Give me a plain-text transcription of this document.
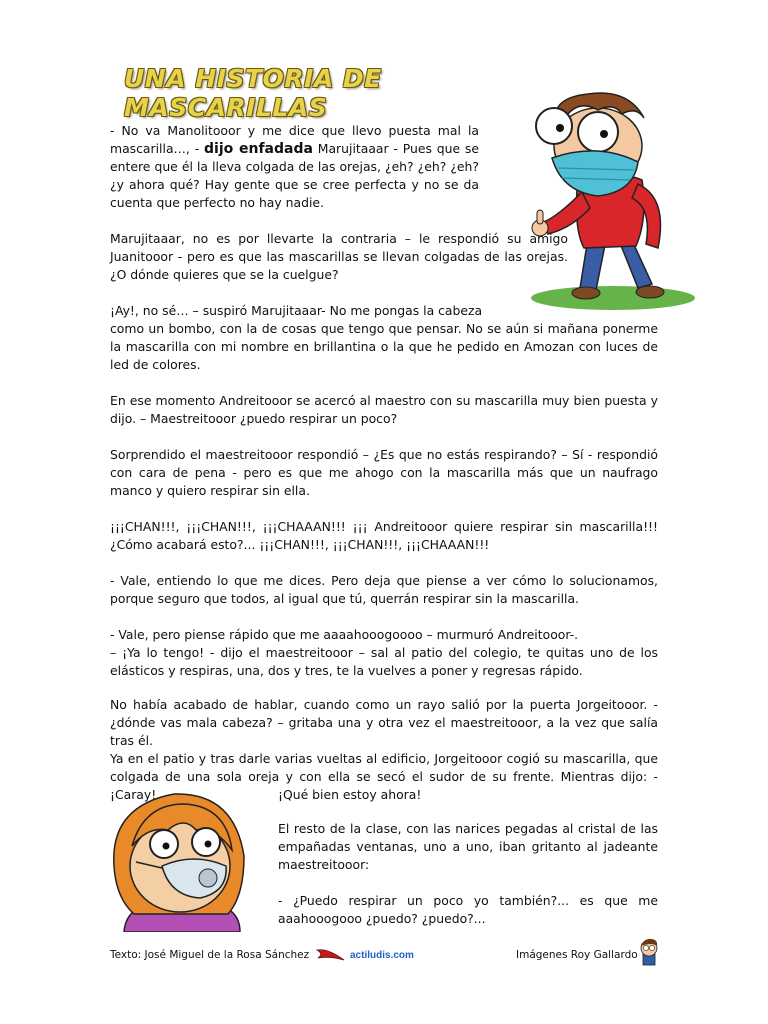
UNA HISTORIA DE MASCARILLAS

- No va Manolitooor y me dice que llevo puesta mal la mascarilla…, - dijo enfadada Marujitaaar - Pues que se entere que él la lleva colgada de las orejas, ¿eh? ¿eh? ¿eh? ¿y ahora qué? Hay gente que se cree perfecta y no se da cuenta que perfecto no hay nadie.

Marujitaaar, no es por llevarte la contraria – le respondió su amigo Juanitooor - pero es que las mascarillas se llevan colgadas de las orejas. ¿O dónde quieres que se la cuelgue?

¡Ay!, no sé… – suspiró Marujitaaar- No me pongas la cabeza

como un bombo, con la de cosas que tengo que pensar. No se aún si mañana ponerme la mascarilla con mi nombre en brillantina o la que he pedido en Amozan con luces de led de colores.

En ese momento Andreitooor se acercó al maestro con su mascarilla muy bien puesta y dijo. – Maestreitooor ¿puedo respirar un poco?

Sorprendido el maestreitooor respondió – ¿Es que no estás respirando? – Sí - respondió con cara de pena - pero es que me ahogo con la mascarilla más que un naufrago manco y quiero respirar sin ella.

¡¡¡CHAN!!!, ¡¡¡CHAN!!!, ¡¡¡CHAAAN!!! ¡¡¡ Andreitooor quiere respirar sin mascarilla!!! ¿Cómo acabará esto?... ¡¡¡CHAN!!!, ¡¡¡CHAN!!!, ¡¡¡CHAAAN!!!

- Vale, entiendo lo que me dices. Pero deja que piense a ver cómo lo solucionamos, porque seguro que todos, al igual que tú, querrán respirar sin la mascarilla.

- Vale, pero piense rápido que me aaaahooogoooo – murmuró Andreitooor-.

– ¡Ya lo tengo! - dijo el maestreitooor – sal al patio del colegio, te quitas uno de los elásticos y respiras, una, dos y tres, te la vuelves a poner y regresas rápido.

No había acabado de hablar, cuando como un rayo salió por la puerta Jorgeitooor. - ¿dónde vas mala cabeza? – gritaba una y otra vez el maestreitooor, a la vez que salía tras él.

Ya en el patio y tras darle varias vueltas al edificio, Jorgeitooor cogió su mascarilla, que colgada de una sola oreja y con ella se secó el sudor de su frente. Mientras dijo: - ¡Caray!	¡Qué bien estoy ahora!

El resto de la clase, con las narices pegadas al cristal de las empañadas ventanas, uno a uno, iban gritanto al jadeante maestreitooor:

- ¿Puedo respirar un poco yo también?... es que me aaahooogooo ¿puedo? ¿puedo?...

Texto: José Miguel de la Rosa Sánchez	actiludis.com	Imágenes Roy Gallardo
